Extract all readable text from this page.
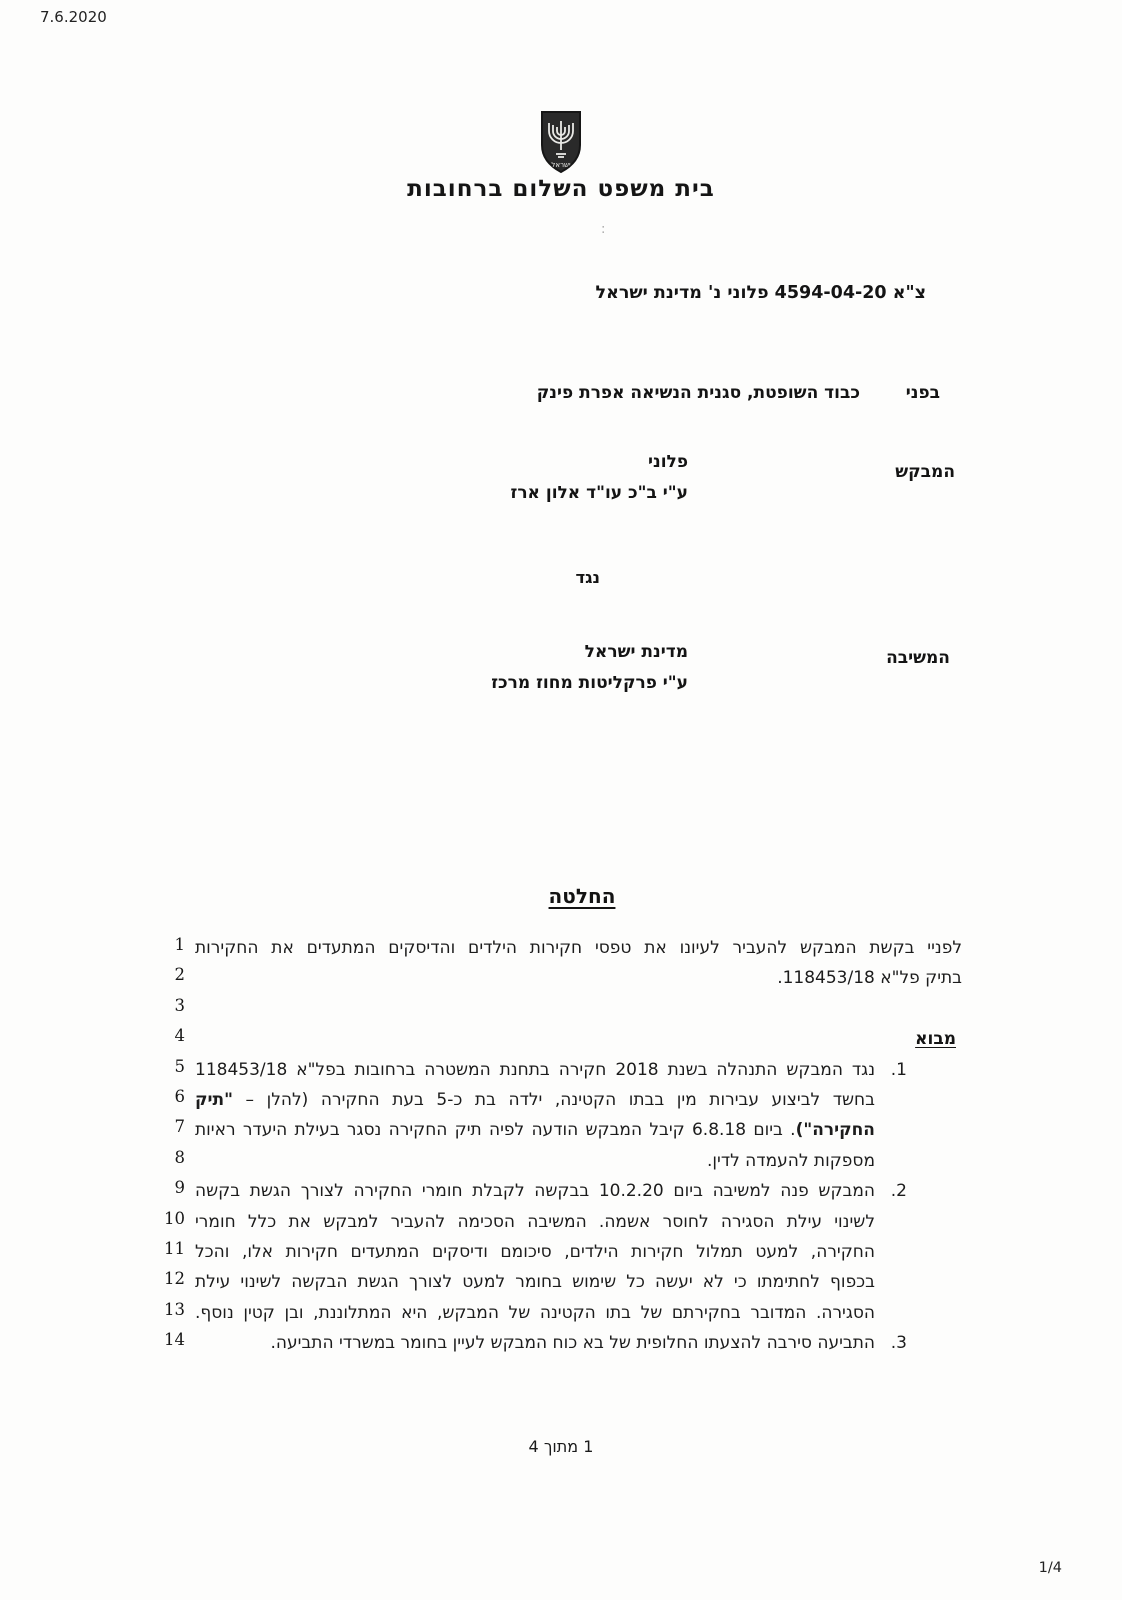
7.6.2020
ישראל
בית משפט השלום ברחובות
:
צ"א 4594-04-20 פלוני נ' מדינת ישראל
בפני
כבוד השופטת, סגנית הנשיאה אפרת פינק
המבקש
פלוני
ע"י ב"כ עו"ד אלון ארז
נגד
המשיבה
מדינת ישראל
ע"י פרקליטות מחוז מרכז
החלטה
1 לפניי בקשת המבקש להעביר לעיונו את טפסי חקירות הילדים והדיסקים המתעדים את החקירות
2	בתיק פל"א 118453/18.
3
4	מבוא
5	1.
נגד המבקש התנהלה בשנת 2018 חקירה בתחנת המשטרה ברחובות בפל"א 118453/18
6	בחשד לביצוע עבירות מין בבתו הקטינה, ילדה בת כ-5 בעת החקירה (להלן – "תיק
7	החקירה"). ביום 6.8.18 קיבל המבקש הודעה לפיה תיק החקירה נסגר בעילת היעדר ראיות
8	מספקות להעמדה לדין.
9	2.
המבקש פנה למשיבה ביום 10.2.20 בבקשה לקבלת חומרי החקירה לצורך הגשת בקשה
10 לשינוי עילת הסגירה לחוסר אשמה. המשיבה הסכימה להעביר למבקש את כלל חומרי
11 החקירה, למעט תמלול חקירות הילדים, סיכומם ודיסקים המתעדים חקירות אלו, והכל
12 בכפוף לחתימתו כי לא יעשה כל שימוש בחומר למעט לצורך הגשת הבקשה לשינוי עילת
13 הסגירה. המדובר בחקירתם של בתו הקטינה של המבקש, היא המתלוננת, ובן קטין נוסף.
14	3.
התביעה סירבה להצעתו החלופית של בא כוח המבקש לעיין בחומר במשרדי התביעה.
1 מתוך 4
1/4
